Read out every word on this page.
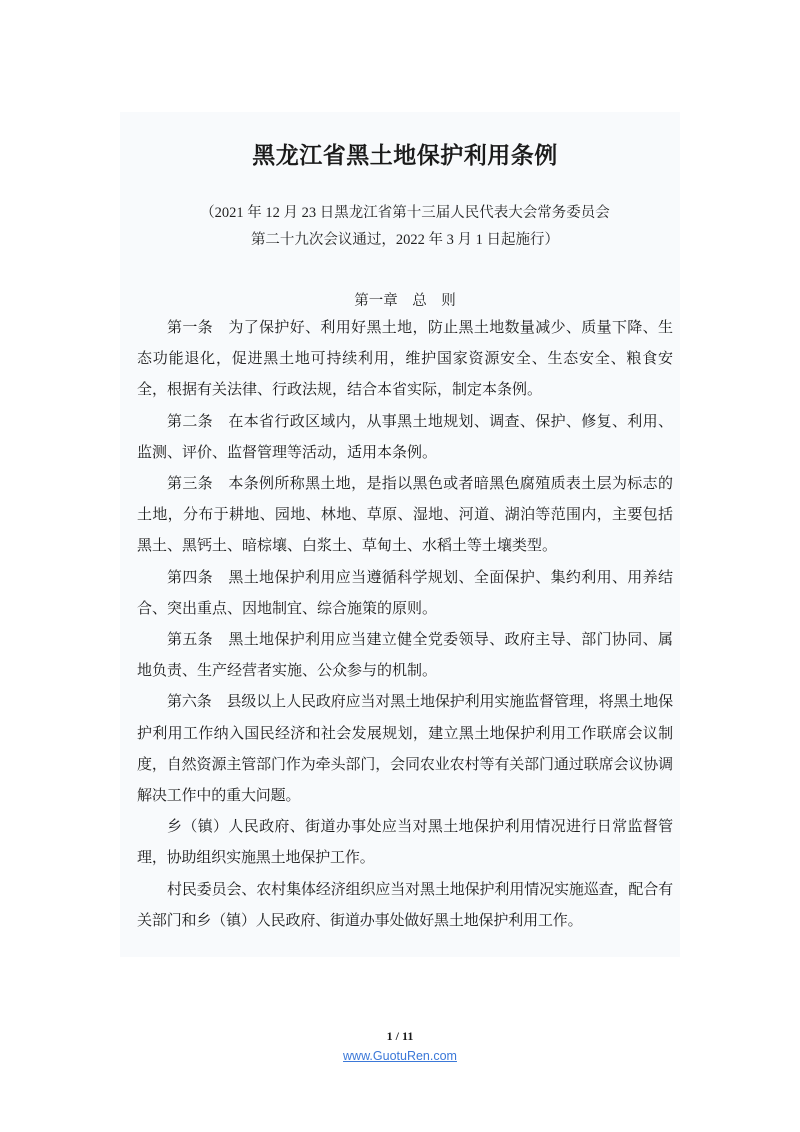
黑龙江省黑土地保护利用条例
（2021 年 12 月 23 日黑龙江省第十三届人民代表大会常务委员会
第二十九次会议通过，2022 年 3 月 1 日起施行）
第一章　总　则

第一条　为了保护好、利用好黑土地，防止黑土地数量减少、质量下降、生态功能退化，促进黑土地可持续利用，维护国家资源安全、生态安全、粮食安全，根据有关法律、行政法规，结合本省实际，制定本条例。

第二条　在本省行政区域内，从事黑土地规划、调查、保护、修复、利用、监测、评价、监督管理等活动，适用本条例。

第三条　本条例所称黑土地，是指以黑色或者暗黑色腐殖质表土层为标志的土地，分布于耕地、园地、林地、草原、湿地、河道、湖泊等范围内，主要包括黑土、黑钙土、暗棕壤、白浆土、草甸土、水稻土等土壤类型。

第四条　黑土地保护利用应当遵循科学规划、全面保护、集约利用、用养结合、突出重点、因地制宜、综合施策的原则。

第五条　黑土地保护利用应当建立健全党委领导、政府主导、部门协同、属地负责、生产经营者实施、公众参与的机制。

第六条　县级以上人民政府应当对黑土地保护利用实施监督管理，将黑土地保护利用工作纳入国民经济和社会发展规划，建立黑土地保护利用工作联席会议制度，自然资源主管部门作为牵头部门，会同农业农村等有关部门通过联席会议协调解决工作中的重大问题。

乡（镇）人民政府、街道办事处应当对黑土地保护利用情况进行日常监督管理，协助组织实施黑土地保护工作。

村民委员会、农村集体经济组织应当对黑土地保护利用情况实施巡查，配合有关部门和乡（镇）人民政府、街道办事处做好黑土地保护利用工作。

1 / 11
www.GuotuRen.com
